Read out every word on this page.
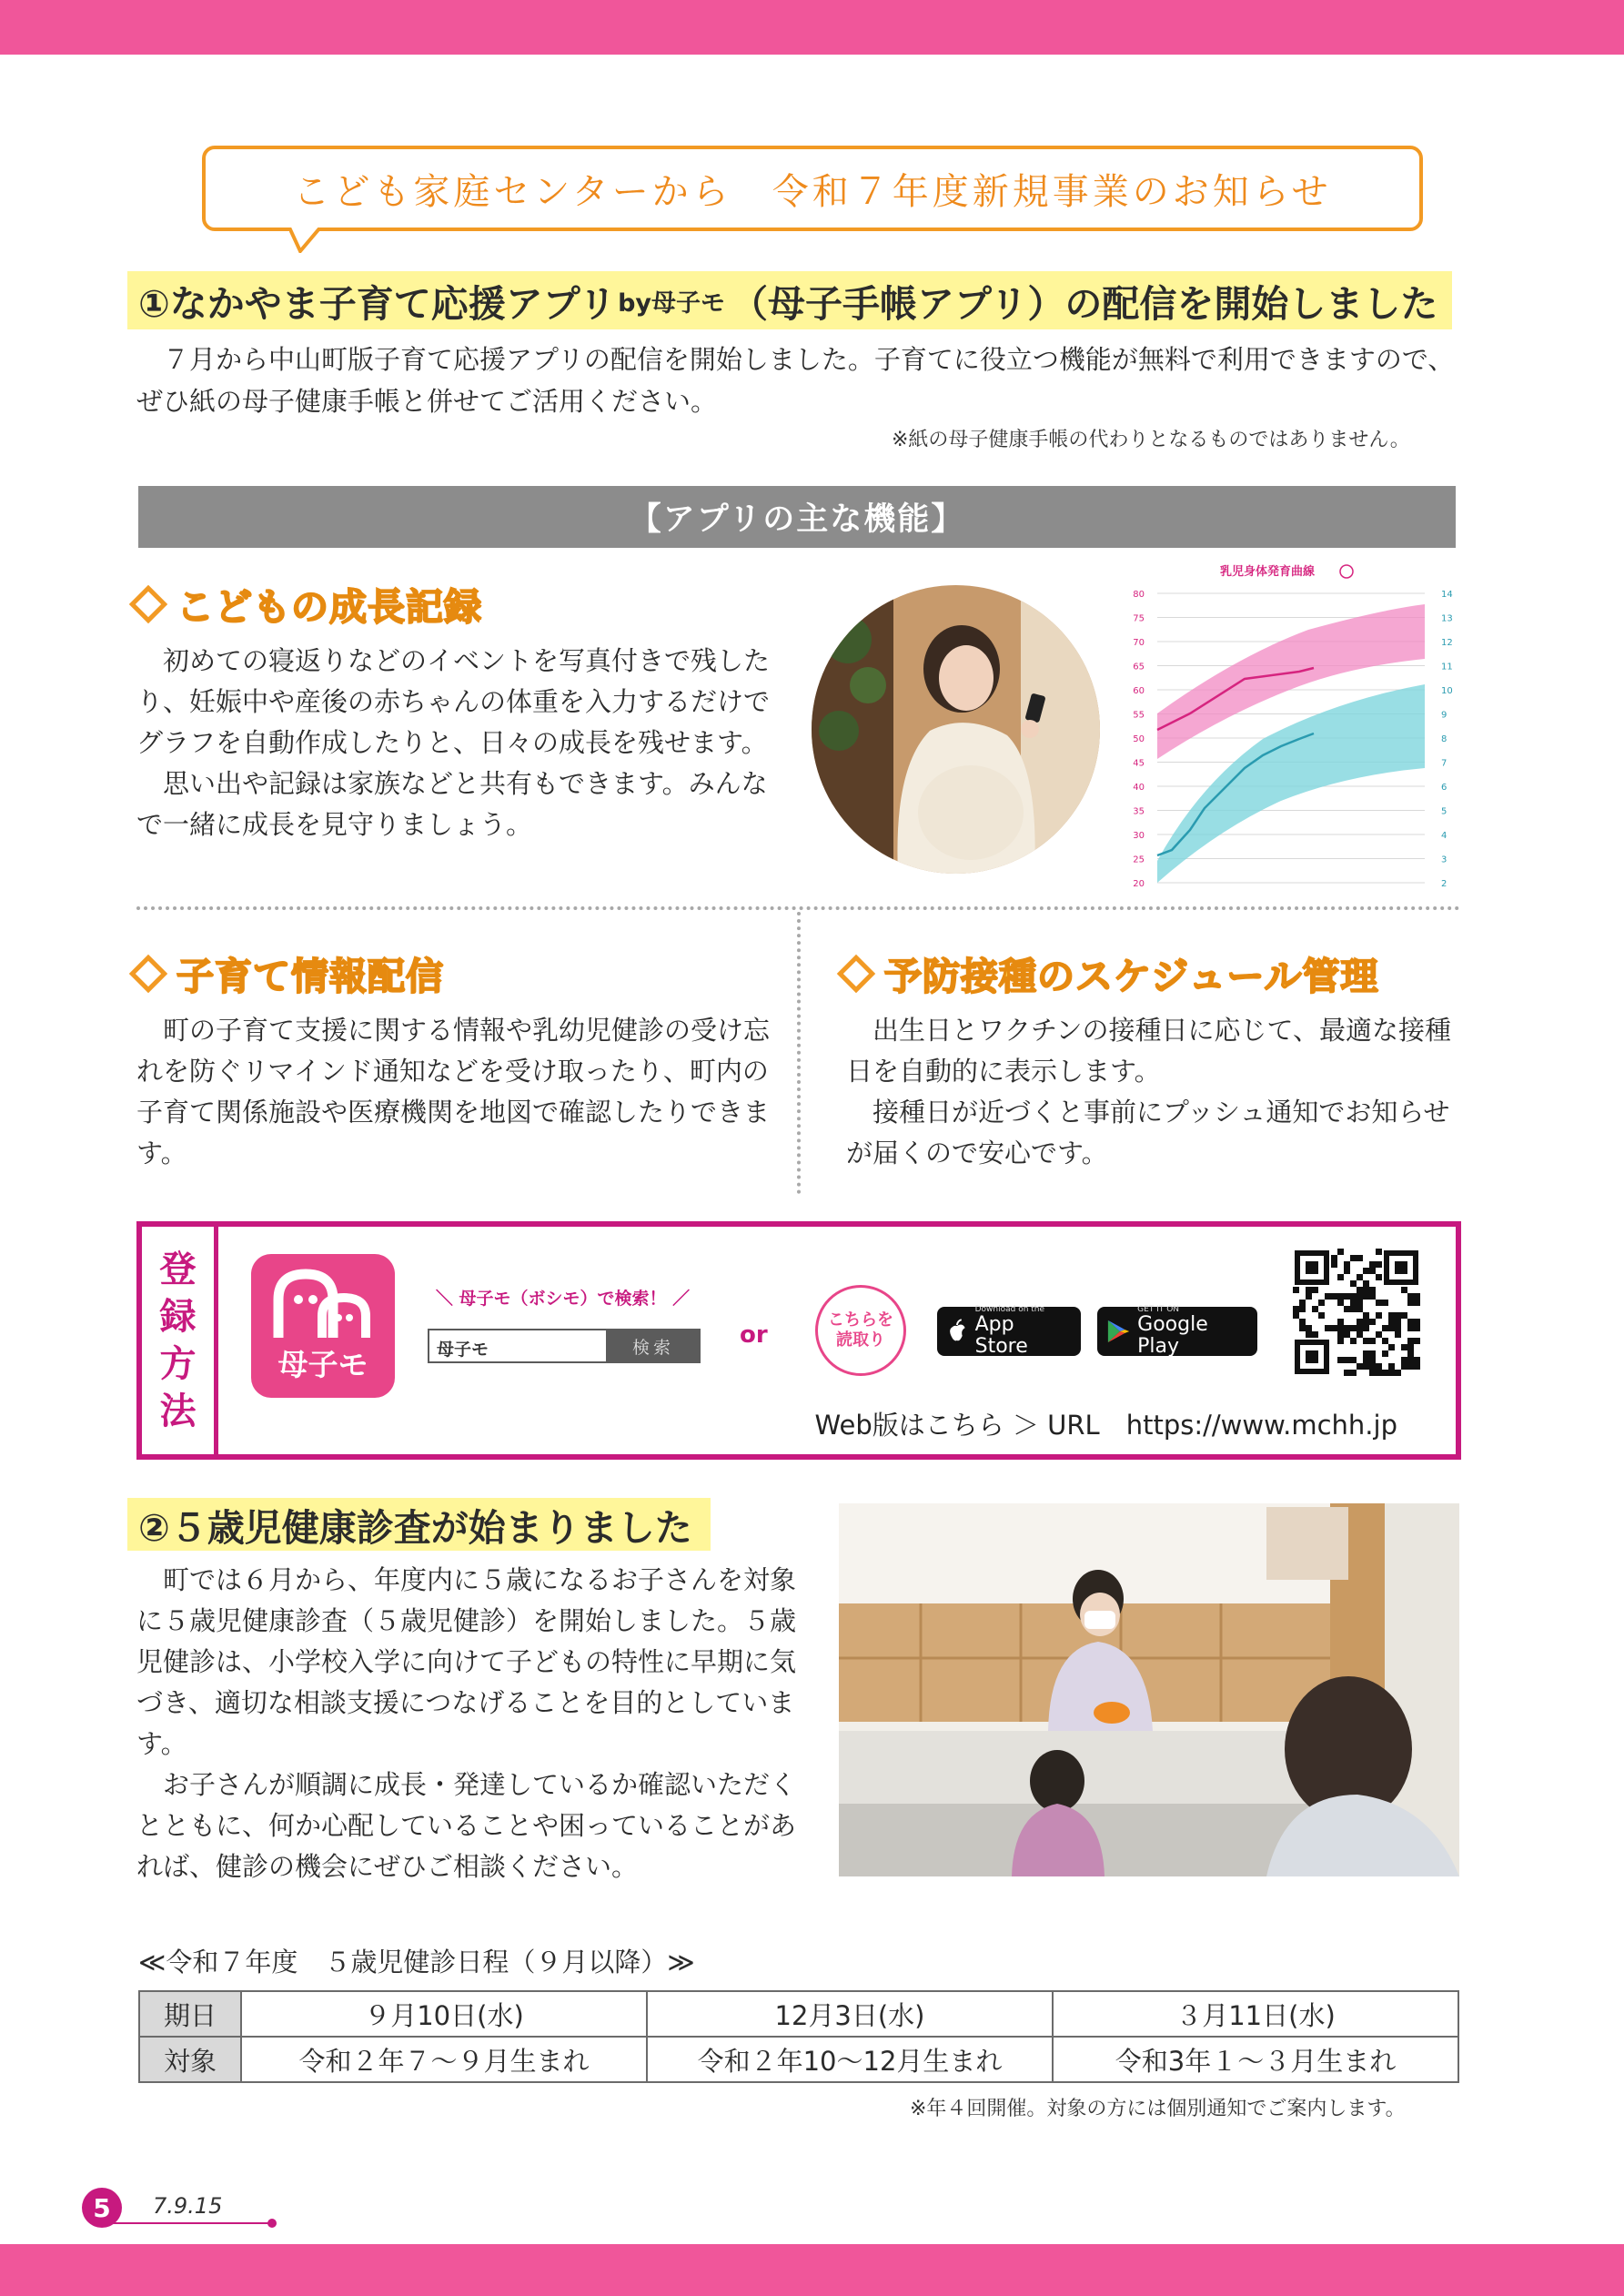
こども家庭センターから　令和７年度新規事業のお知らせ
①なかやま子育て応援アプリ by母子モ （母子手帳アプリ）の配信を開始しました

　７月から中山町版子育て応援アプリの配信を開始しました。子育てに役立つ機能が無料で利用できますので、ぜひ紙の母子健康手帳と併せてご活用ください。

※紙の母子健康手帳の代わりとなるものではありません。
【アプリの主な機能】
こどもの成長記録

初めての寝返りなどのイベントを写真付きで残したり、妊娠中や産後の赤ちゃんの体重を入力するだけでグラフを自動作成したりと、日々の成長を残せます。

思い出や記録は家族などと共有もできます。みんなで一緒に成長を見守りましょう。

乳児身体発育曲線
80
75
70
65
60
55
50
45
40
35
30
25
20
14
13
12
11
10
9
8
7
6
5
4
3
2
子育て情報配信

町の子育て支援に関する情報や乳幼児健診の受け忘れを防ぐリマインド通知などを受け取ったり、町内の子育て関係施設や医療機関を地図で確認したりできます。

予防接種のスケジュール管理

出生日とワクチンの接種日に応じて、最適な接種日を自動的に表示します。

接種日が近づくと事前にプッシュ通知でお知らせが届くので安心です。

登
録
方
法
母子モ
＼ 母子モ（ボシモ）で検索！ ／
母子モ	検索	or
こちらを
読取り
Download on the
App Store
GET IT ON
Google Play
Web版はこちら ＞ URL　https://www.mchh.jp
②５歳児健康診査が始まりました

町では６月から、年度内に５歳になるお子さんを対象に５歳児健康診査（５歳児健診）を開始しました。５歳児健診は、小学校入学に向けて子どもの特性に早期に気づき、適切な相談支援につなげることを目的としています。

お子さんが順調に成長・発達しているか確認いただくとともに、何か心配していることや困っていることがあれば、健診の機会にぜひご相談ください。

≪令和７年度　５歳児健診日程（９月以降）≫
期日	９月10日(水)	12月3日(水)	３月11日(水)
対象	令和２年７～９月生まれ	令和２年10～12月生まれ	令和3年１～３月生まれ
※年４回開催。対象の方には個別通知でご案内します。
5	7.9.15
